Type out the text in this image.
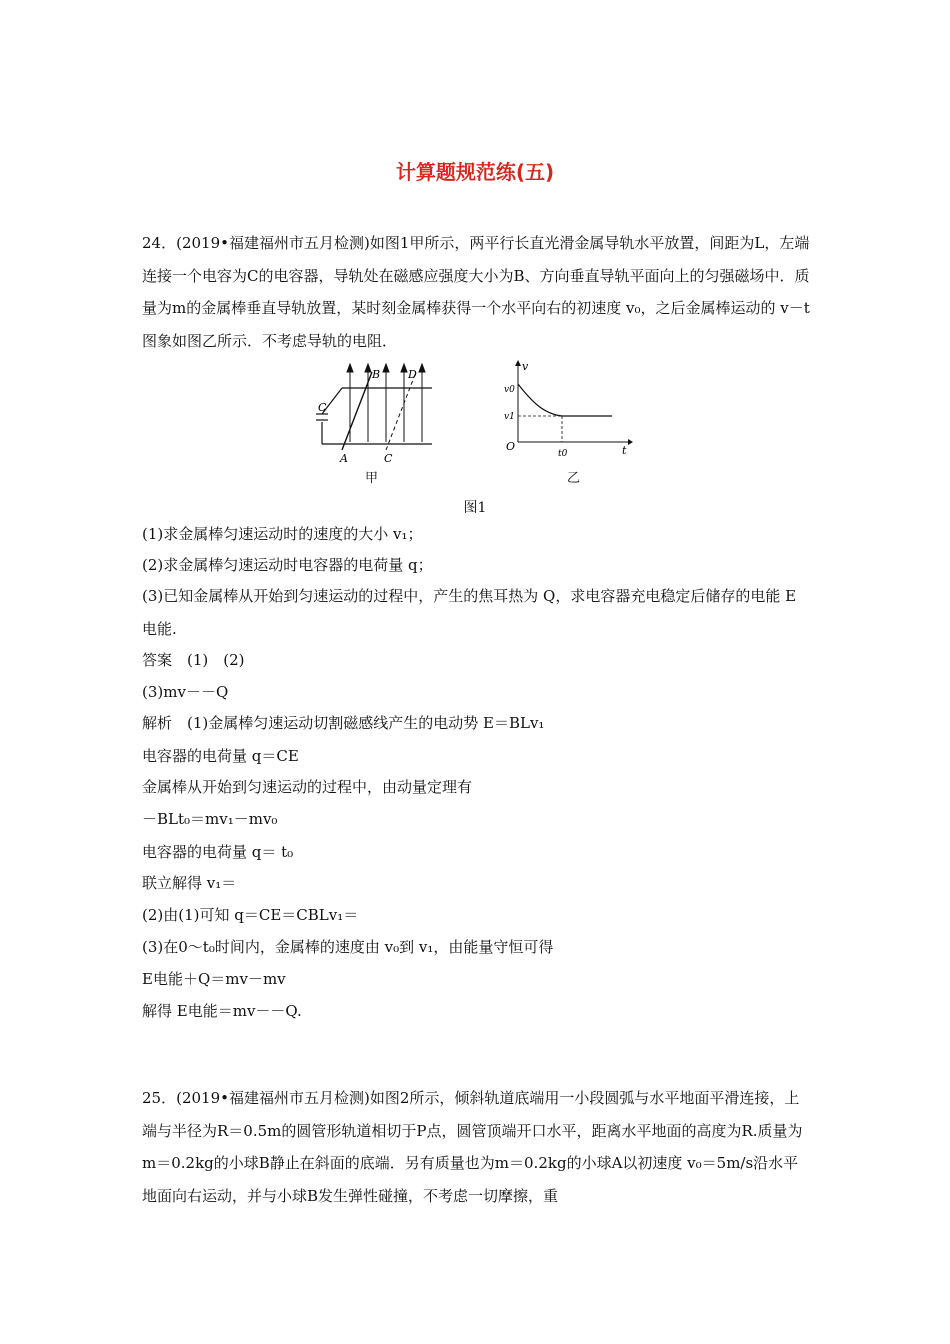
计算题规范练(五)
24．(2019•福建福州市五月检测)如图1甲所示，两平行长直光滑金属导轨水平放置，间距为L，左端连接一个电容为C的电容器，导轨处在磁感应强度大小为B、方向垂直导轨平面向上的匀强磁场中．质量为m的金属棒垂直导轨放置，某时刻金属棒获得一个水平向右的初速度 v₀，之后金属棒运动的 v－t 图象如图乙所示．不考虑导轨的电阻．
B	D
C
A	C
甲
v
v0
v1
O
t0	t
乙
图1
(1)求金属棒匀速运动时的速度的大小 v₁；
(2)求金属棒匀速运动时电容器的电荷量 q；
(3)已知金属棒从开始到匀速运动的过程中，产生的焦耳热为 Q，求电容器充电稳定后储存的电能 E电能.
答案　(1)　(2)
(3)mv－－Q
解析　(1)金属棒匀速运动切割磁感线产生的电动势 E＝BLv₁
电容器的电荷量 q＝CE
金属棒从开始到匀速运动的过程中，由动量定理有
－BLt₀＝mv₁－mv₀
电容器的电荷量 q＝ t₀
联立解得 v₁＝
(2)由(1)可知 q＝CE＝CBLv₁＝
(3)在0～t₀时间内，金属棒的速度由 v₀到 v₁，由能量守恒可得
E电能＋Q＝mv－mv
解得 E电能＝mv－－Q.
25．(2019•福建福州市五月检测)如图2所示，倾斜轨道底端用一小段圆弧与水平地面平滑连接，上端与半径为R＝0.5m的圆管形轨道相切于P点，圆管顶端开口水平，距离水平地面的高度为R.质量为m＝0.2kg的小球B静止在斜面的底端．另有质量也为m＝0.2kg的小球A以初速度 v₀＝5m/s沿水平地面向右运动，并与小球B发生弹性碰撞，不考虑一切摩擦，重
